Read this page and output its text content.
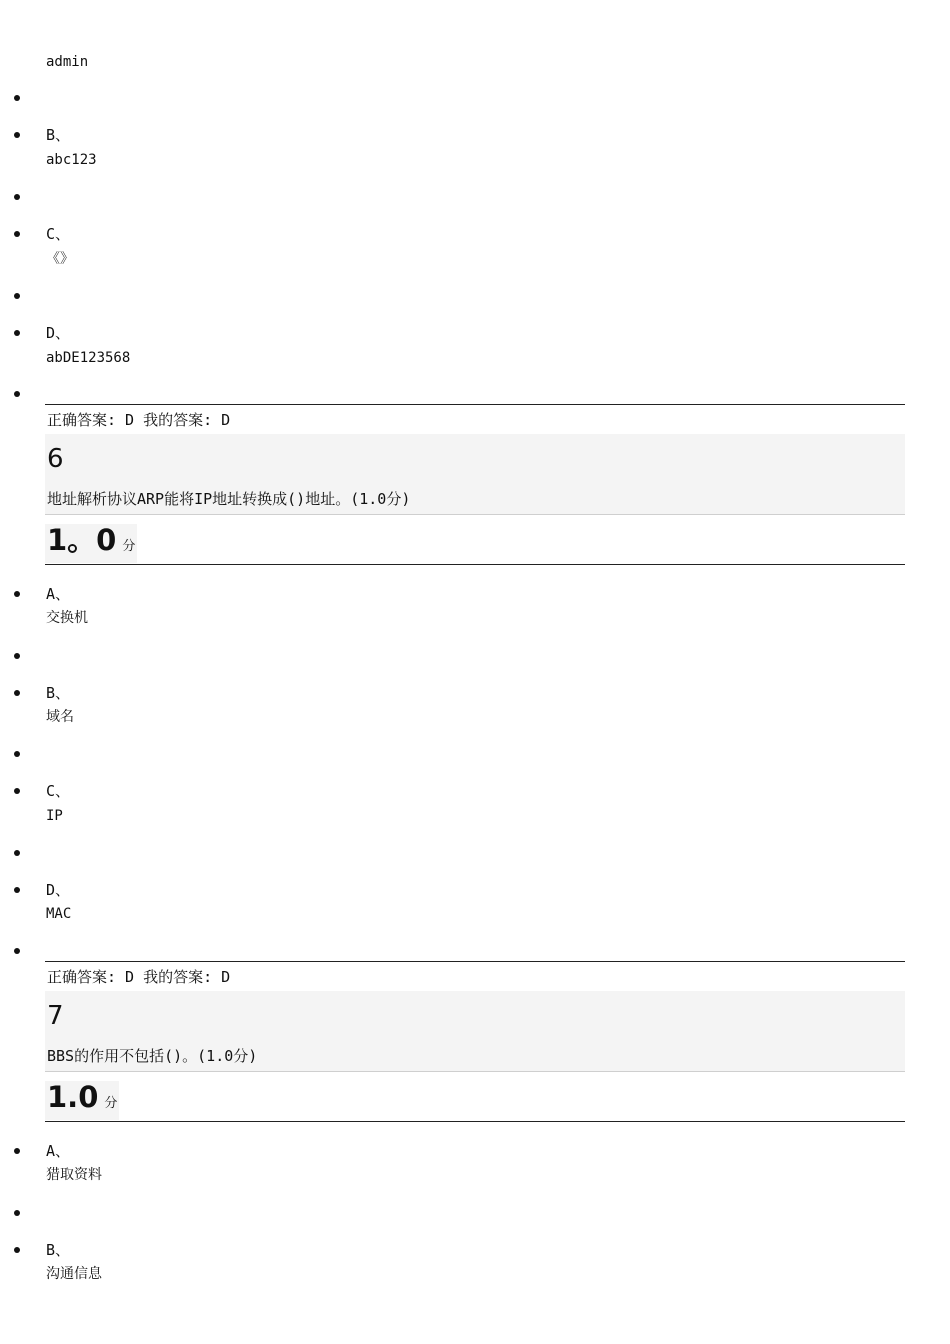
admin
B、
abc123
C、
《》
D、
abDE123568
正确答案: D 我的答案: D
6
地址解析协议ARP能将IP地址转换成()地址。(1.0分)
1。0 分
A、
交换机
B、
域名
C、
IP
D、
MAC
正确答案: D 我的答案: D
7
BBS的作用不包括()。(1.0分)
1.0 分
A、
猎取资料
B、
沟通信息
